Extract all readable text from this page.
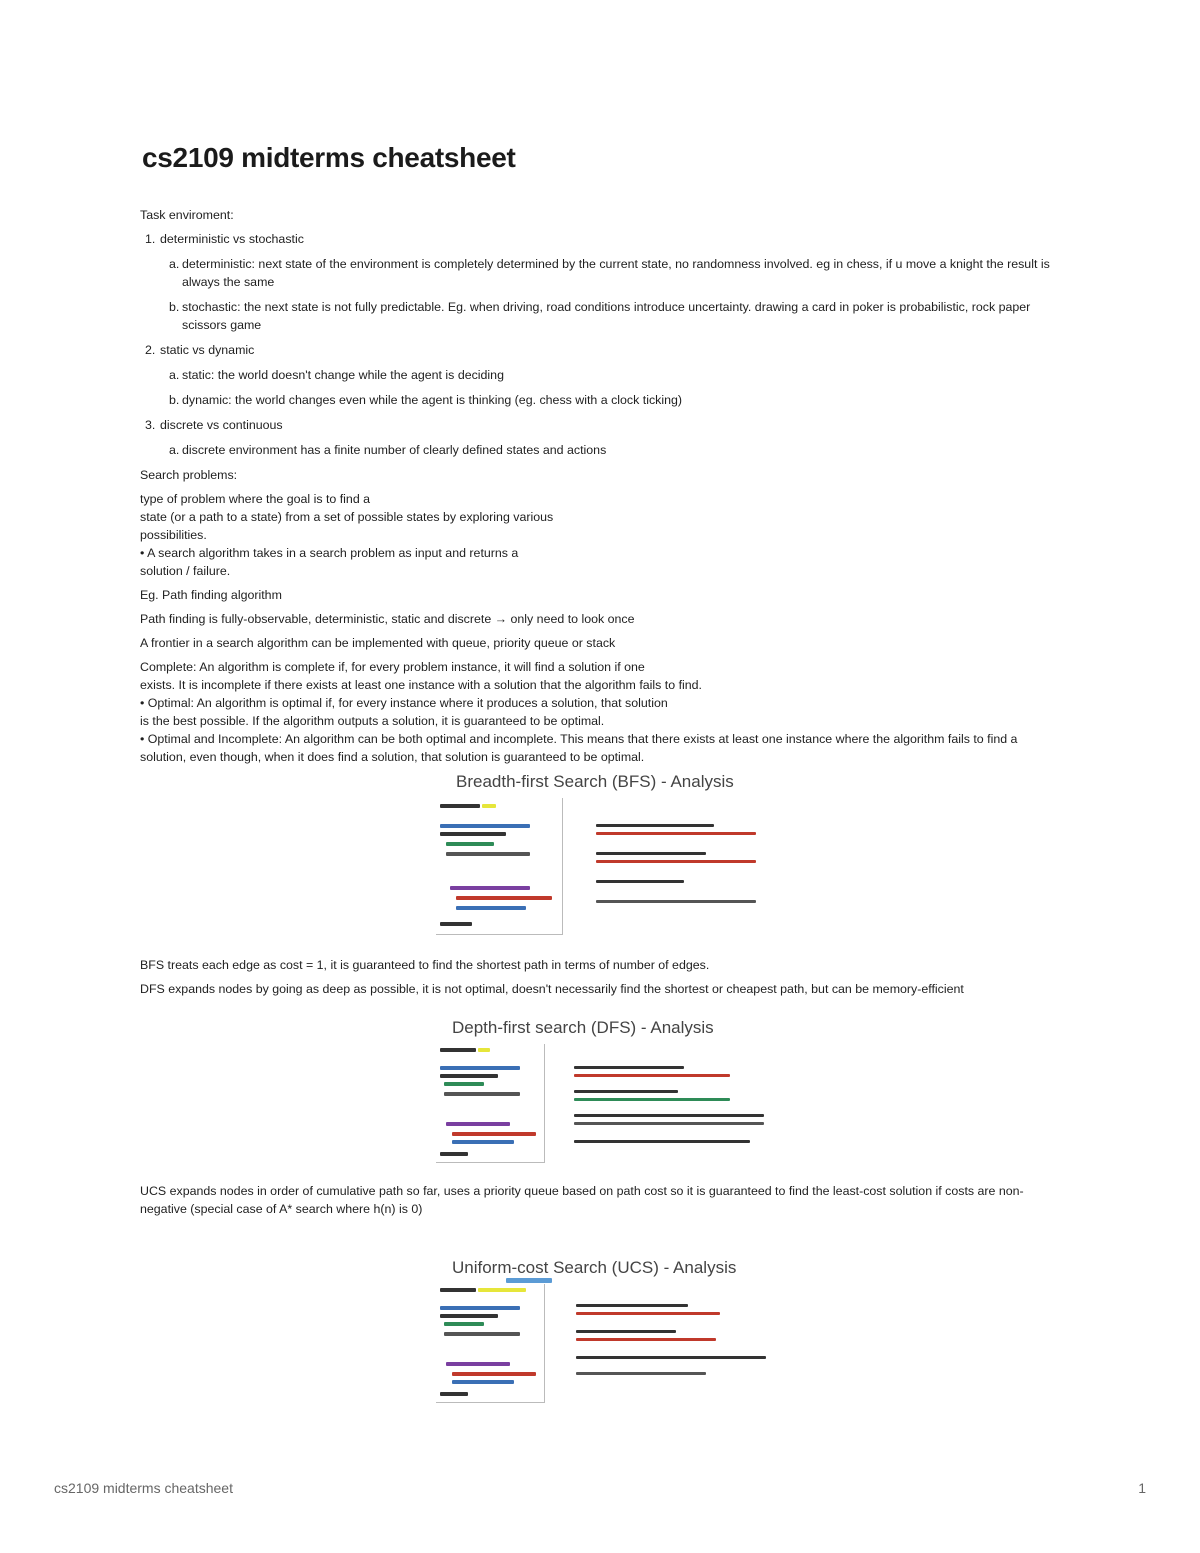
cs2109 midterms cheatsheet

Task enviroment:

1. deterministic vs stochastic
a. deterministic: next state of the environment is completely determined by the current state, no randomness involved. eg in chess, if u move a knight the result is always the same
b. stochastic: the next state is not fully predictable. Eg. when driving, road conditions introduce uncertainty. drawing a card in poker is probabilistic, rock paper scissors game
2. static vs dynamic
a. static: the world doesn't change while the agent is deciding
b. dynamic: the world changes even while the agent is thinking (eg. chess with a clock ticking)
3. discrete vs continuous
a. discrete environment has a finite number of clearly defined states and actions

Search problems:

type of problem where the goal is to find a

state (or a path to a state) from a set of possible states by exploring various

possibilities.

• A search algorithm takes in a search problem as input and returns a

solution / failure.

Eg. Path finding algorithm

Path finding is fully-observable, deterministic, static and discrete → only need to look once

A frontier in a search algorithm can be implemented with queue, priority queue or stack

Complete: An algorithm is complete if, for every problem instance, it will find a solution if one

exists. It is incomplete if there exists at least one instance with a solution that the algorithm fails to find.

• Optimal: An algorithm is optimal if, for every instance where it produces a solution, that solution

is the best possible. If the algorithm outputs a solution, it is guaranteed to be optimal.

• Optimal and Incomplete: An algorithm can be both optimal and incomplete. This means that there exists at least one instance where the algorithm fails to find a

solution, even though, when it does find a solution, that solution is guaranteed to be optimal.

Breadth-first Search (BFS) - Analysis
Depth-first search (DFS) - Analysis
Uniform-cost Search (UCS) - Analysis

BFS treats each edge as cost = 1, it is guaranteed to find the shortest path in terms of number of edges.

DFS expands nodes by going as deep as possible, it is not optimal, doesn't necessarily find the shortest or cheapest path, but can be memory-efficient

UCS expands nodes in order of cumulative path so far, uses a priority queue based on path cost so it is guaranteed to find the least-cost solution if costs are non-

negative (special case of A* search where h(n) is 0)

cs2109 midterms cheatsheet	1
